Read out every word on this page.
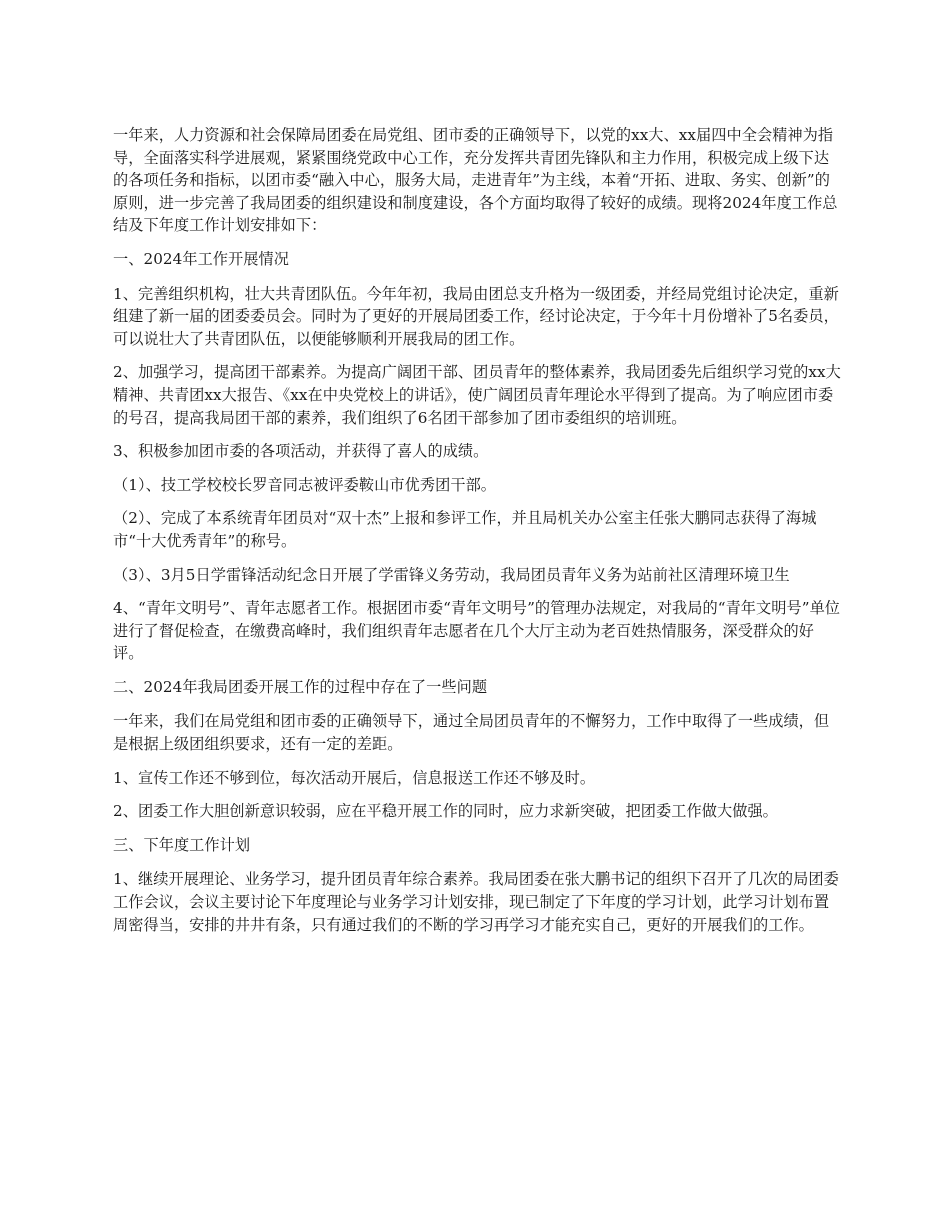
一年来，人力资源和社会保障局团委在局党组、团市委的正确领导下，以党的xx大、xx届四中全会精神为指导，全面落实科学进展观，紧紧围绕党政中心工作，充分发挥共青团先锋队和主力作用，积极完成上级下达的各项任务和指标，以团市委“融入中心，服务大局，走进青年”为主线，本着“开拓、进取、务实、创新”的原则，进一步完善了我局团委的组织建设和制度建设，各个方面均取得了较好的成绩。现将2024年度工作总结及下年度工作计划安排如下：

一、2024年工作开展情况

1、完善组织机构，壮大共青团队伍。今年年初，我局由团总支升格为一级团委，并经局党组讨论决定，重新组建了新一届的团委委员会。同时为了更好的开展局团委工作，经讨论决定，于今年十月份增补了5名委员，可以说壮大了共青团队伍，以便能够顺利开展我局的团工作。

2、加强学习，提高团干部素养。为提高广阔团干部、团员青年的整体素养，我局团委先后组织学习党的xx大精神、共青团xx大报告、《xx在中央党校上的讲话》，使广阔团员青年理论水平得到了提高。为了响应团市委的号召，提高我局团干部的素养，我们组织了6名团干部参加了团市委组织的培训班。

3、积极参加团市委的各项活动，并获得了喜人的成绩。

（1）、技工学校校长罗音同志被评委鞍山市优秀团干部。

（2）、完成了本系统青年团员对“双十杰”上报和参评工作，并且局机关办公室主任张大鹏同志获得了海城市“十大优秀青年”的称号。

（3）、3月5日学雷锋活动纪念日开展了学雷锋义务劳动，我局团员青年义务为站前社区清理环境卫生

4、“青年文明号”、青年志愿者工作。根据团市委“青年文明号”的管理办法规定，对我局的“青年文明号”单位进行了督促检查，在缴费高峰时，我们组织青年志愿者在几个大厅主动为老百姓热情服务，深受群众的好评。

二、2024年我局团委开展工作的过程中存在了一些问题

一年来，我们在局党组和团市委的正确领导下，通过全局团员青年的不懈努力，工作中取得了一些成绩，但是根据上级团组织要求，还有一定的差距。

1、宣传工作还不够到位，每次活动开展后，信息报送工作还不够及时。

2、团委工作大胆创新意识较弱，应在平稳开展工作的同时，应力求新突破，把团委工作做大做强。

三、下年度工作计划

1、继续开展理论、业务学习，提升团员青年综合素养。我局团委在张大鹏书记的组织下召开了几次的局团委工作会议，会议主要讨论下年度理论与业务学习计划安排，现已制定了下年度的学习计划，此学习计划布置周密得当，安排的井井有条，只有通过我们的不断的学习再学习才能充实自己，更好的开展我们的工作。
